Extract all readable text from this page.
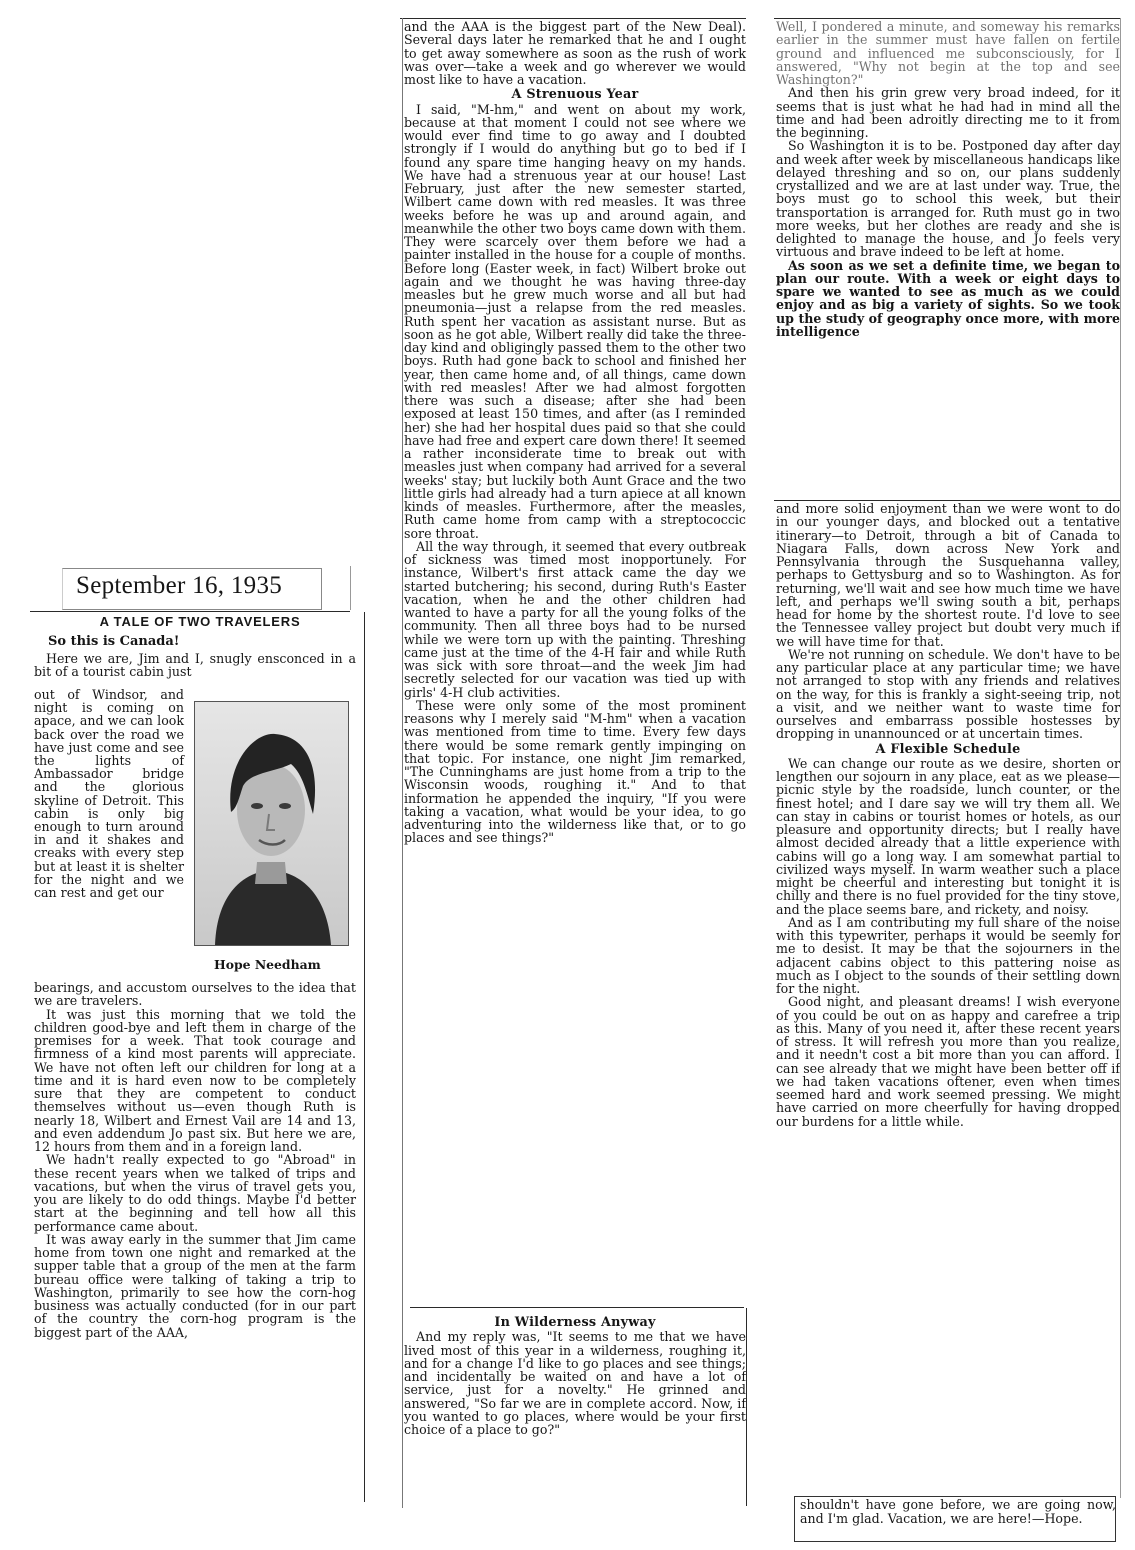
September 16, 1935
A TALE OF TWO TRAVELERS
So this is Canada!

Here we are, Jim and I, snugly ensconced in a bit of a tourist cabin just

out of Windsor, and night is coming on apace, and we can look back over the road we have just come and see the lights of Ambassador bridge and the glorious skyline of Detroit. This cabin is only big enough to turn around in and it shakes and creaks with every step but at least it is shelter for the night and we can rest and get our
Hope Needham

bearings, and accustom ourselves to the idea that we are travelers.

It was just this morning that we told the children good-bye and left them in charge of the premises for a week. That took courage and firmness of a kind most parents will appreciate. We have not often left our children for long at a time and it is hard even now to be completely sure that they are competent to conduct themselves without us—even though Ruth is nearly 18, Wilbert and Ernest Vail are 14 and 13, and even addendum Jo past six. But here we are, 12 hours from them and in a foreign land.

We hadn't really expected to go "Abroad" in these recent years when we talked of trips and vacations, but when the virus of travel gets you, you are likely to do odd things. Maybe I'd better start at the beginning and tell how all this performance came about.

It was away early in the summer that Jim came home from town one night and remarked at the supper table that a group of the men at the farm bureau office were talking of taking a trip to Washington, primarily to see how the corn-hog business was actually conducted (for in our part of the country the corn-hog program is the biggest part of the AAA,

and the AAA is the biggest part of the New Deal). Several days later he remarked that he and I ought to get away somewhere as soon as the rush of work was over—take a week and go wherever we would most like to have a vacation.

A Strenuous Year

I said, "M-hm," and went on about my work, because at that moment I could not see where we would ever find time to go away and I doubted strongly if I would do anything but go to bed if I found any spare time hanging heavy on my hands. We have had a strenuous year at our house! Last February, just after the new semester started, Wilbert came down with red measles. It was three weeks before he was up and around again, and meanwhile the other two boys came down with them. They were scarcely over them before we had a painter installed in the house for a couple of months. Before long (Easter week, in fact) Wilbert broke out again and we thought he was having three-day measles but he grew much worse and all but had pneumonia—just a relapse from the red measles. Ruth spent her vacation as assistant nurse. But as soon as he got able, Wilbert really did take the three-day kind and obligingly passed them to the other two boys. Ruth had gone back to school and finished her year, then came home and, of all things, came down with red measles! After we had almost forgotten there was such a disease; after she had been exposed at least 150 times, and after (as I reminded her) she had her hospital dues paid so that she could have had free and expert care down there! It seemed a rather inconsiderate time to break out with measles just when company had arrived for a several weeks' stay; but luckily both Aunt Grace and the two little girls had already had a turn apiece at all known kinds of measles. Furthermore, after the measles, Ruth came home from camp with a streptococcic sore throat.

All the way through, it seemed that every outbreak of sickness was timed most inopportunely. For instance, Wilbert's first attack came the day we started butchering; his second, during Ruth's Easter vacation, when he and the other children had wanted to have a party for all the young folks of the community. Then all three boys had to be nursed while we were torn up with the painting. Threshing came just at the time of the 4-H fair and while Ruth was sick with sore throat—and the week Jim had secretly selected for our vacation was tied up with girls' 4-H club activities.

These were only some of the most prominent reasons why I merely said "M-hm" when a vacation was mentioned from time to time. Every few days there would be some remark gently impinging on that topic. For instance, one night Jim remarked, "The Cunninghams are just home from a trip to the Wisconsin woods, roughing it." And to that information he appended the inquiry, "If you were taking a vacation, what would be your idea, to go adventuring into the wilderness like that, or to go places and see things?"

In Wilderness Anyway

And my reply was, "It seems to me that we have lived most of this year in a wilderness, roughing it, and for a change I'd like to go places and see things; and incidentally be waited on and have a lot of service, just for a novelty." He grinned and answered, "So far we are in complete accord. Now, if you wanted to go places, where would be your first choice of a place to go?"

Well, I pondered a minute, and someway his remarks earlier in the summer must have fallen on fertile ground and influenced me subconsciously, for I answered, "Why not begin at the top and see Washington?"

And then his grin grew very broad indeed, for it seems that is just what he had had in mind all the time and had been adroitly directing me to it from the beginning.

So Washington it is to be. Postponed day after day and week after week by miscellaneous handicaps like delayed threshing and so on, our plans suddenly crystallized and we are at last under way. True, the boys must go to school this week, but their transportation is arranged for. Ruth must go in two more weeks, but her clothes are ready and she is delighted to manage the house, and Jo feels very virtuous and brave indeed to be left at home.

As soon as we set a definite time, we began to plan our route. With a week or eight days to spare we wanted to see as much as we could enjoy and as big a variety of sights. So we took up the study of geography once more, with more intelligence

and more solid enjoyment than we were wont to do in our younger days, and blocked out a tentative itinerary—to Detroit, through a bit of Canada to Niagara Falls, down across New York and Pennsylvania through the Susquehanna valley, perhaps to Gettysburg and so to Washington. As for returning, we'll wait and see how much time we have left, and perhaps we'll swing south a bit, perhaps head for home by the shortest route. I'd love to see the Tennessee valley project but doubt very much if we will have time for that.

We're not running on schedule. We don't have to be any particular place at any particular time; we have not arranged to stop with any friends and relatives on the way, for this is frankly a sight-seeing trip, not a visit, and we neither want to waste time for ourselves and embarrass possible hostesses by dropping in unannounced or at uncertain times.

A Flexible Schedule

We can change our route as we desire, shorten or lengthen our sojourn in any place, eat as we please—picnic style by the roadside, lunch counter, or the finest hotel; and I dare say we will try them all. We can stay in cabins or tourist homes or hotels, as our pleasure and opportunity directs; but I really have almost decided already that a little experience with cabins will go a long way. I am somewhat partial to civilized ways myself. In warm weather such a place might be cheerful and interesting but tonight it is chilly and there is no fuel provided for the tiny stove, and the place seems bare, and rickety, and noisy.

And as I am contributing my full share of the noise with this typewriter, perhaps it would be seemly for me to desist. It may be that the sojourners in the adjacent cabins object to this pattering noise as much as I object to the sounds of their settling down for the night.

Good night, and pleasant dreams! I wish everyone of you could be out on as happy and carefree a trip as this. Many of you need it, after these recent years of stress. It will refresh you more than you realize, and it needn't cost a bit more than you can afford. I can see already that we might have been better off if we had taken vacations oftener, even when times seemed hard and work seemed pressing. We might have carried on more cheerfully for having dropped our burdens for a little while.

shouldn't have gone before, we are going now, and I'm glad. Vacation, we are here!—Hope.
